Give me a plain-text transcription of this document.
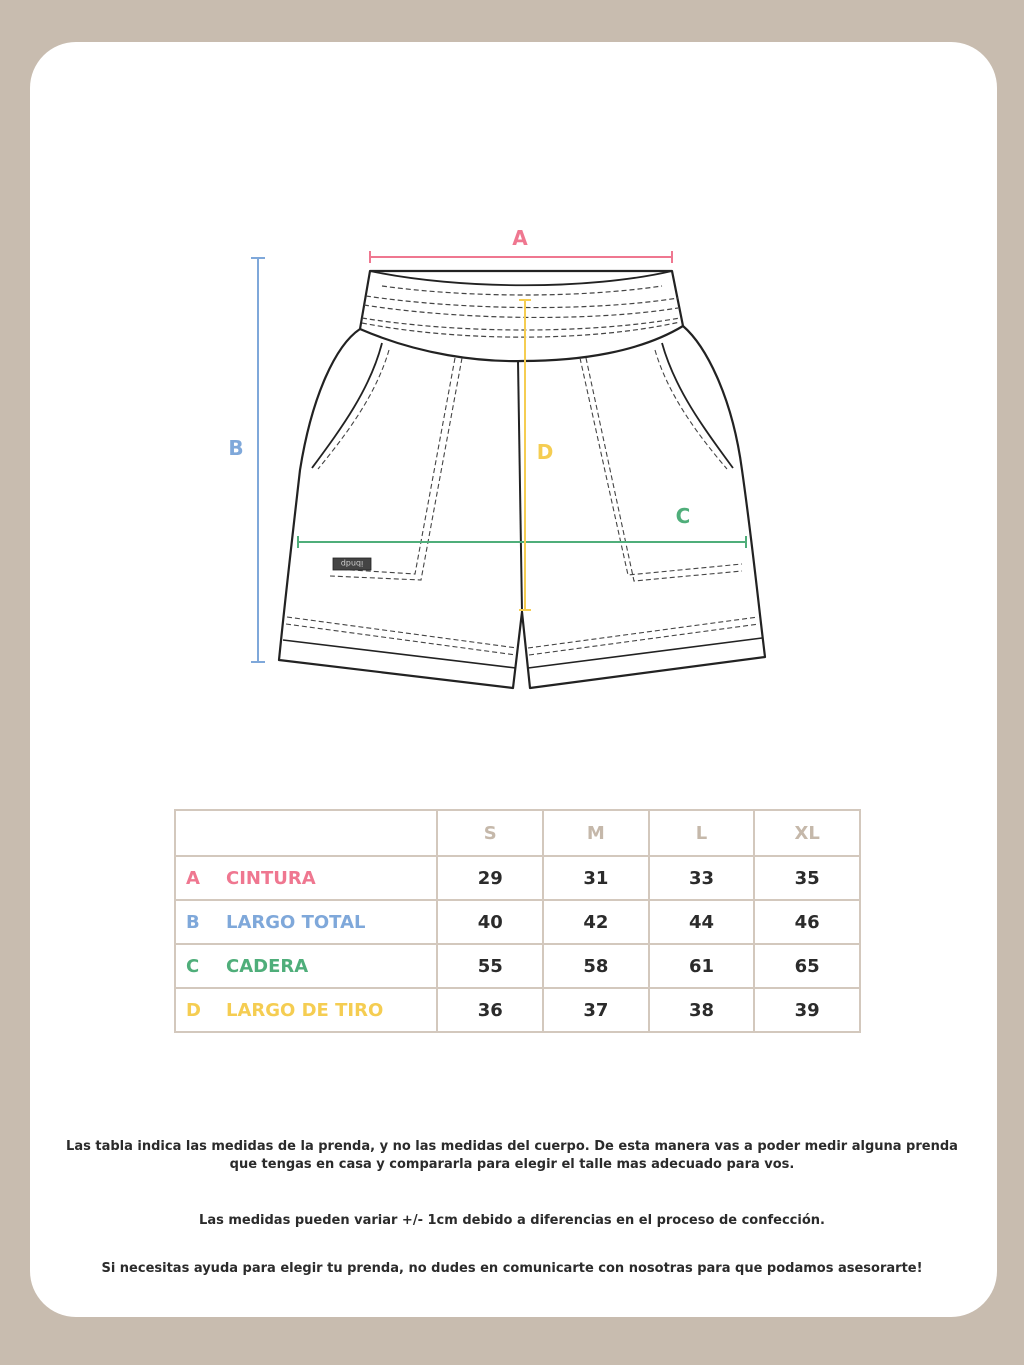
ibndp
A
B
C
D
	S	M	L	XL
A CINTURA	29	31	33	35
B LARGO TOTAL	40	42	44	46
C CADERA	55	58	61	65
D LARGO DE TIRO	36	37	38	39

Las tabla indica las medidas de la prenda, y no las medidas del cuerpo. De esta manera vas a poder medir alguna prenda

que tengas en casa y compararla para elegir el talle mas adecuado para vos.

Las medidas pueden variar +/- 1cm debido a diferencias en el proceso de confección.

Si necesitas ayuda para elegir tu prenda, no dudes en comunicarte con nosotras para que podamos asesorarte!
